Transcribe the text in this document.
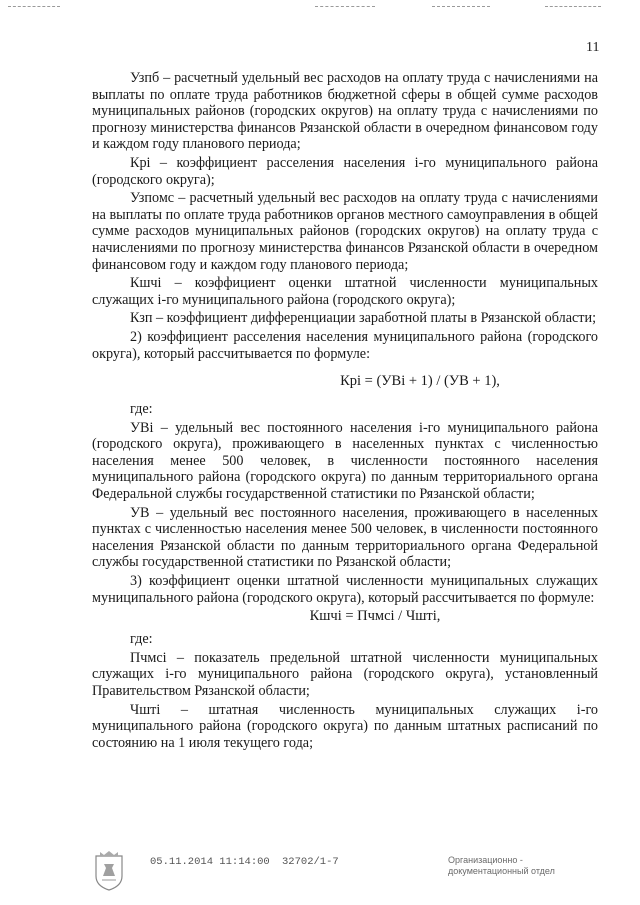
11

Узпб – расчетный удельный вес расходов на оплату труда с начислениями на выплаты по оплате труда работников бюджетной сферы в общей сумме расходов муниципальных районов (городских округов) на оплату труда с начислениями по прогнозу министерства финансов Рязанской области в очередном финансовом году и каждом году планового периода;

Крi – коэффициент расселения населения i-го муниципального района (городского округа);

Узпомс – расчетный удельный вес расходов на оплату труда с начислениями на выплаты по оплате труда работников органов местного самоуправления в общей сумме расходов муниципальных районов (городских округов) на оплату труда с начислениями по прогнозу министерства финансов Рязанской области в очередном финансовом году и каждом году планового периода;

Кшчi – коэффициент оценки штатной численности муниципальных служащих i-го муниципального района (городского округа);

Кзп – коэффициент дифференциации заработной платы в Рязанской области;

2) коэффициент расселения населения муниципального района (городского округа), который рассчитывается по формуле:

Крi = (УВi + 1) / (УВ + 1),

где:

УВi – удельный вес постоянного населения i-го муниципального района (городского округа), проживающего в населенных пунктах с численностью населения менее 500 человек, в численности постоянного населения муниципального района (городского округа) по данным территориального органа Федеральной службы государственной статистики по Рязанской области;

УВ – удельный вес постоянного населения, проживающего в населенных пунктах с численностью населения менее 500 человек, в численности постоянного населения Рязанской области по данным территориального органа Федеральной службы государственной статистики по Рязанской области;

3) коэффициент оценки штатной численности муниципальных служащих муниципального района (городского округа), который рассчитывается по формуле:

Кшчi = Пчмсi / Чштi,

где:

Пчмсi – показатель предельной штатной численности муниципальных служащих i-го муниципального района (городского округа), установленный Правительством Рязанской области;

Чштi – штатная численность муниципальных служащих i-го муниципального района (городского округа) по данным штатных расписаний по состоянию на 1 июля текущего года;

05.11.2014 11:14:00 32702/1-7	Организационно -
документационный отдел
